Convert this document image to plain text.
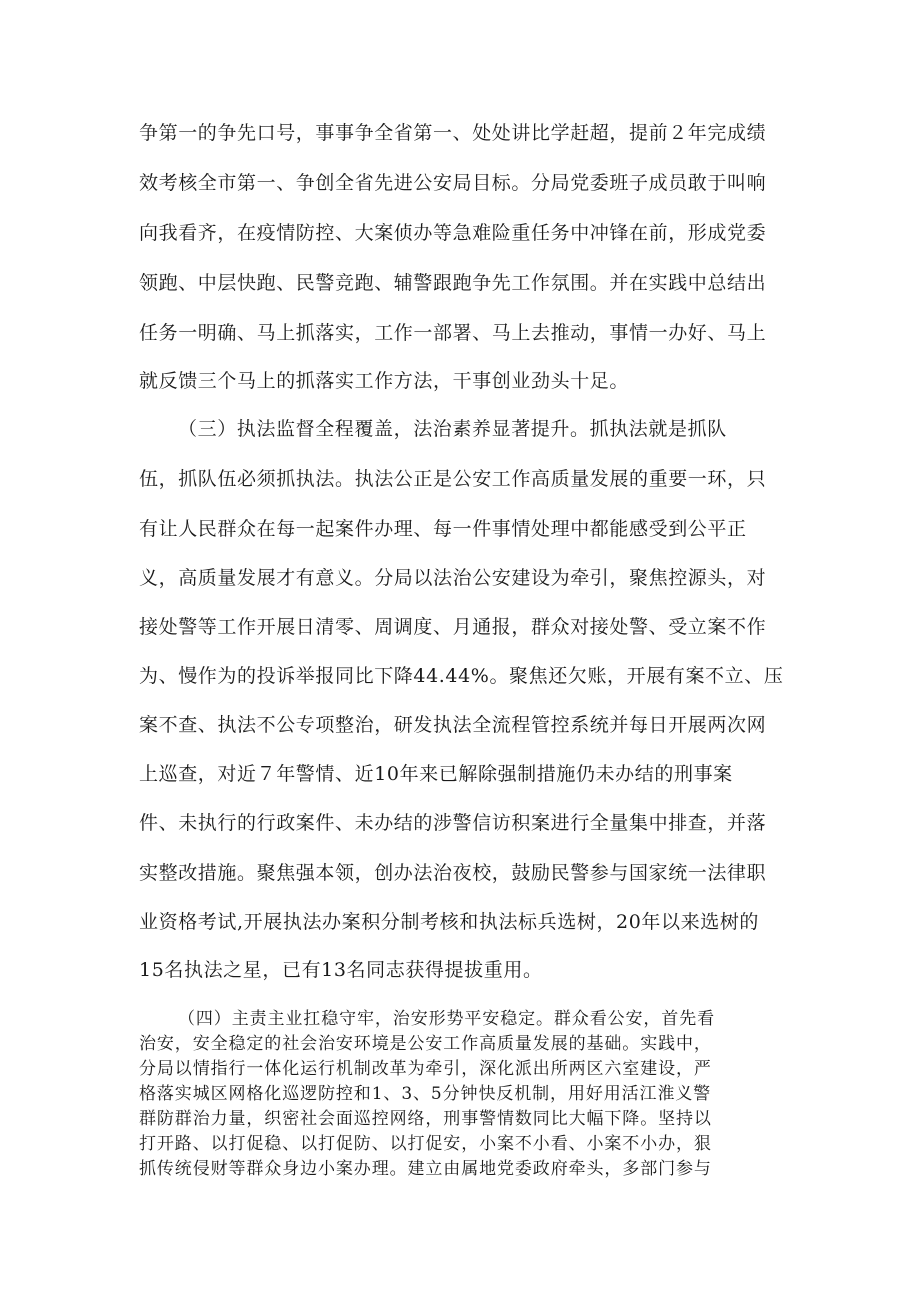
争第一的争先口号，事事争全省第一、处处讲比学赶超，提前２年完成绩
效考核全市第一、争创全省先进公安局目标。分局党委班子成员敢于叫响
向我看齐，在疫情防控、大案侦办等急难险重任务中冲锋在前，形成党委
领跑、中层快跑、民警竞跑、辅警跟跑争先工作氛围。并在实践中总结出
任务一明确、马上抓落实，工作一部署、马上去推动，事情一办好、马上
就反馈三个马上的抓落实工作方法，干事创业劲头十足。
（三）执法监督全程覆盖，法治素养显著提升。抓执法就是抓队
伍，抓队伍必须抓执法。执法公正是公安工作高质量发展的重要一环，只
有让人民群众在每一起案件办理、每一件事情处理中都能感受到公平正
义，高质量发展才有意义。分局以法治公安建设为牵引，聚焦控源头，对
接处警等工作开展日清零、周调度、月通报，群众对接处警、受立案不作
为、慢作为的投诉举报同比下降44.44%。聚焦还欠账，开展有案不立、压
案不查、执法不公专项整治，研发执法全流程管控系统并每日开展两次网
上巡查，对近７年警情、近10年来已解除强制措施仍未办结的刑事案
件、未执行的行政案件、未办结的涉警信访积案进行全量集中排查，并落
实整改措施。聚焦强本领，创办法治夜校，鼓励民警参与国家统一法律职
业资格考试,开展执法办案积分制考核和执法标兵选树，20年以来选树的
15名执法之星，已有13名同志获得提拔重用。
（四）主责主业扛稳守牢，治安形势平安稳定。群众看公安，首先看
治安，安全稳定的社会治安环境是公安工作高质量发展的基础。实践中，
分局以情指行一体化运行机制改革为牵引，深化派出所两区六室建设，严
格落实城区网格化巡逻防控和1、3、5分钟快反机制，用好用活江淮义警
群防群治力量，织密社会面巡控网络，刑事警情数同比大幅下降。坚持以
打开路、以打促稳、以打促防、以打促安，小案不小看、小案不小办，狠
抓传统侵财等群众身边小案办理。建立由属地党委政府牵头，多部门参与
